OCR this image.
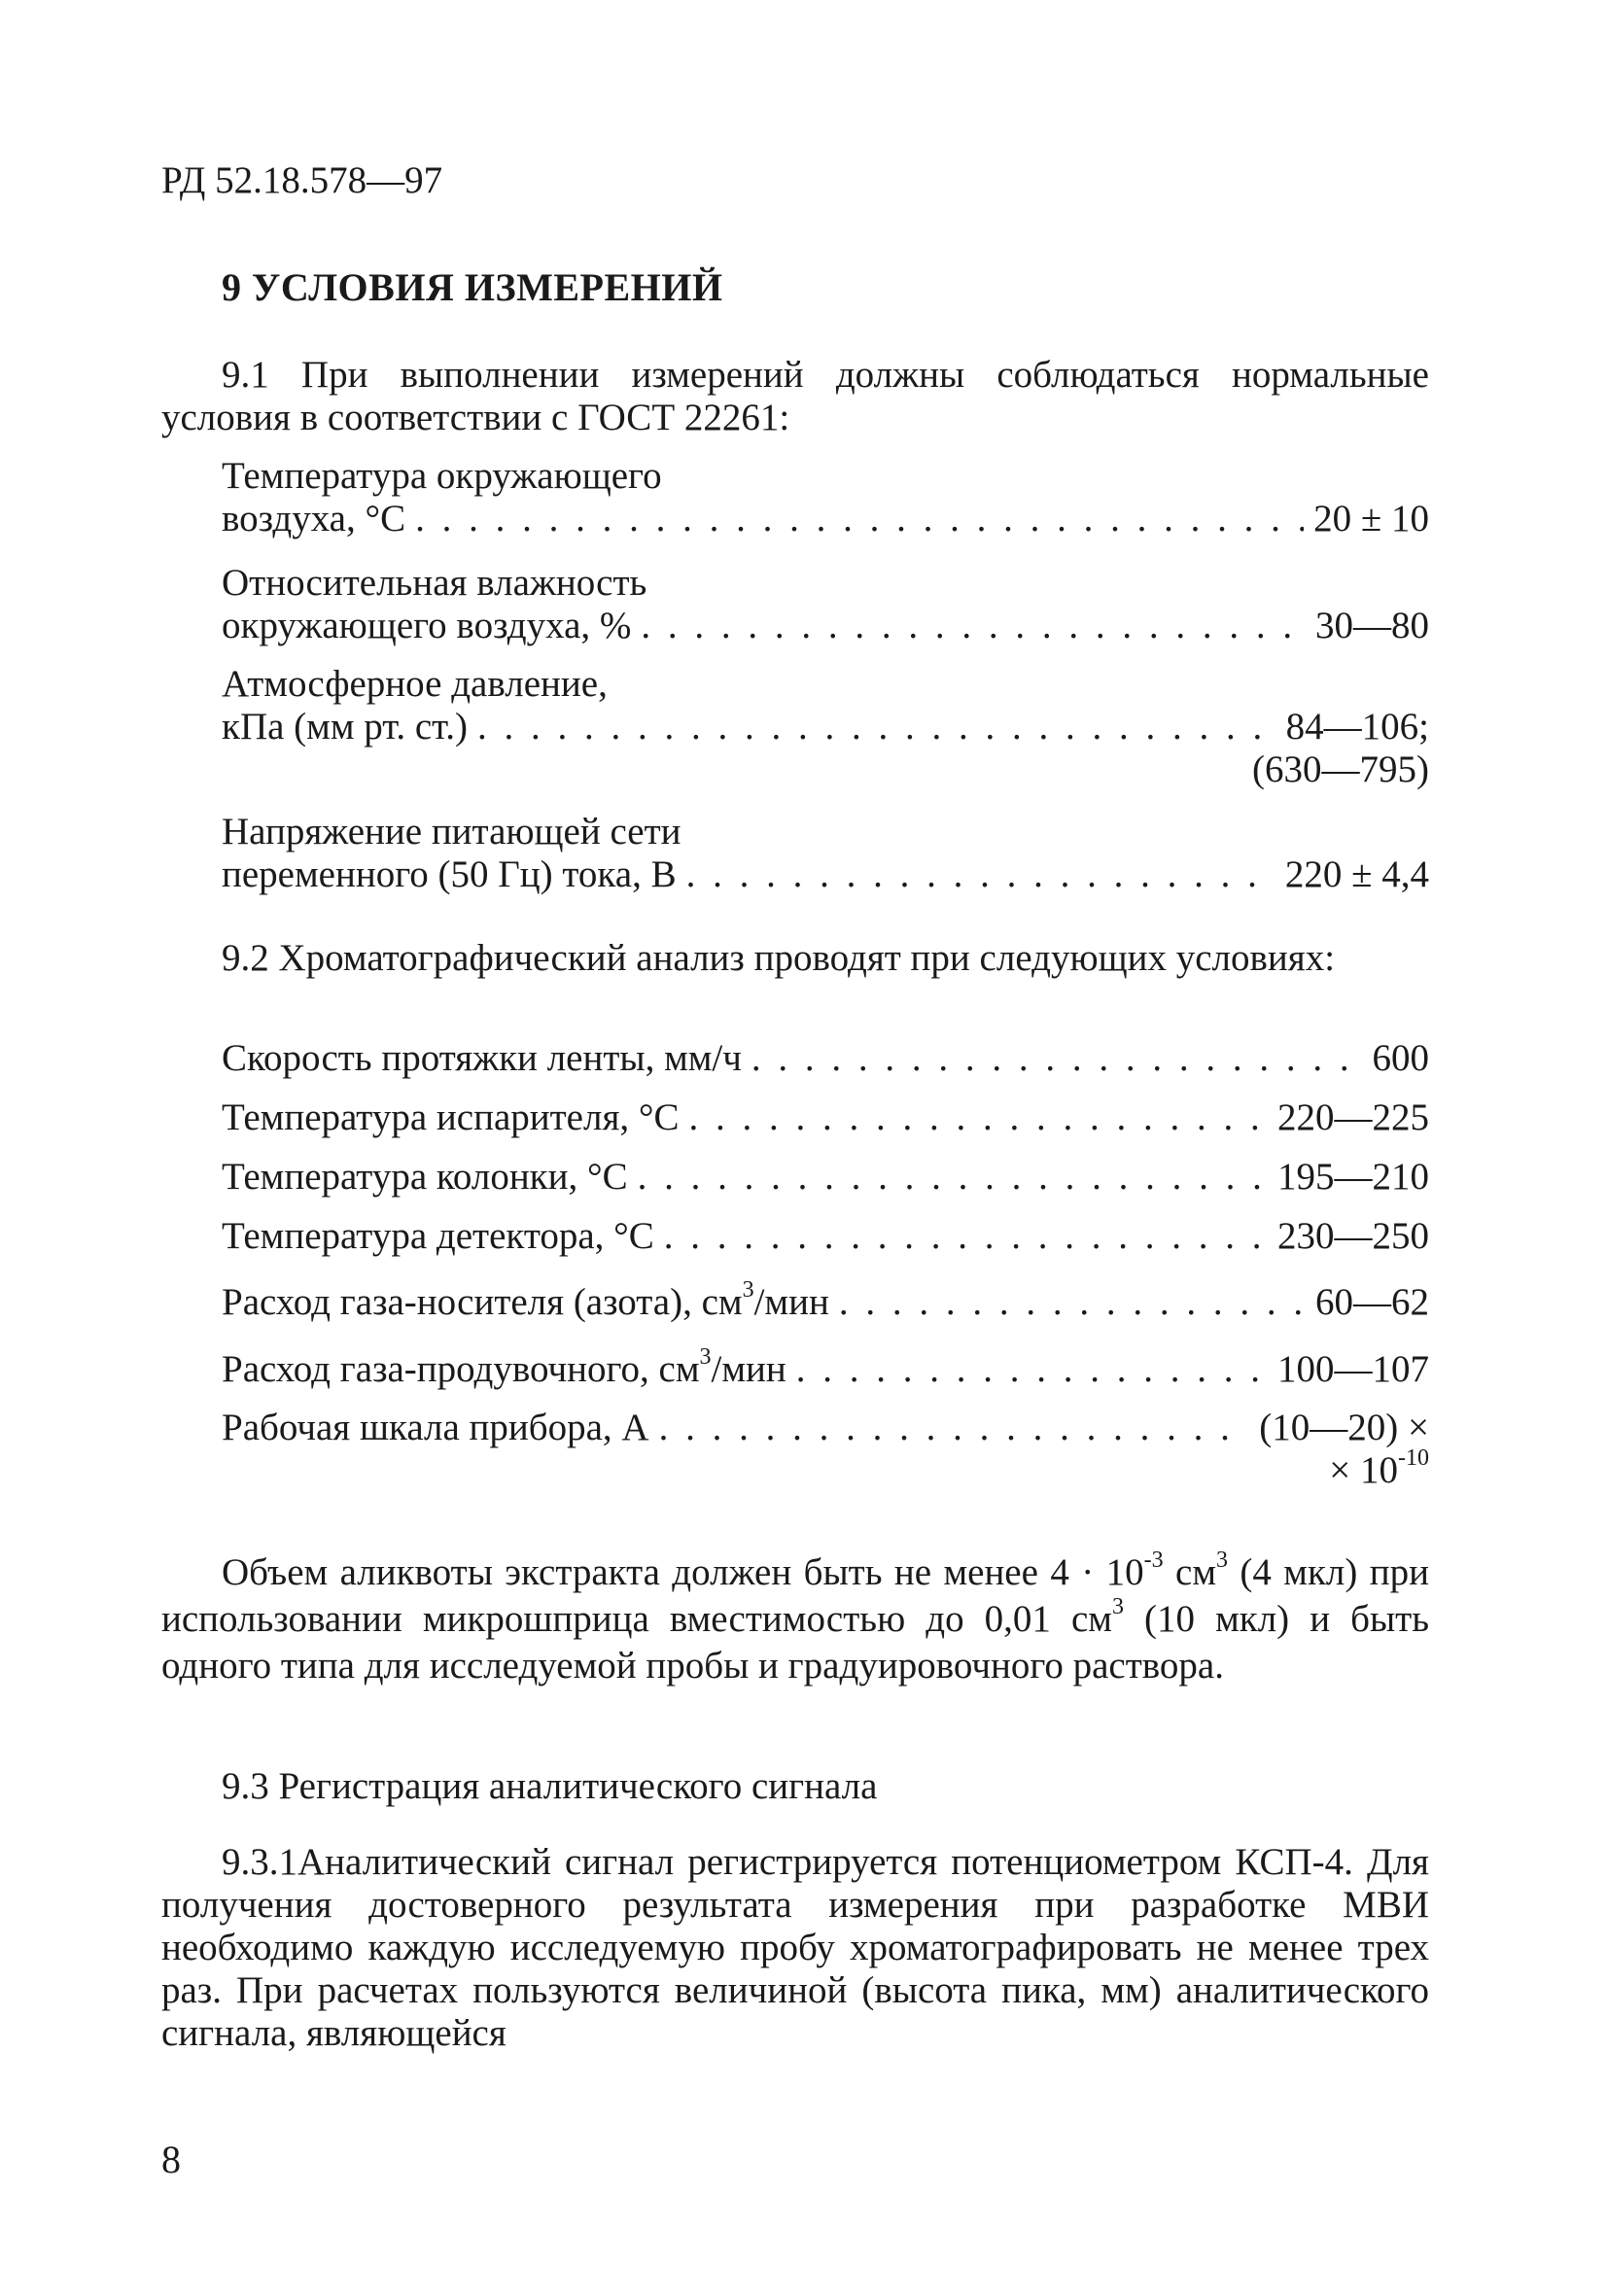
РД 52.18.578—97
9 УСЛОВИЯ ИЗМЕРЕНИЙ
9.1 При выполнении измерений должны соблюдаться нормальные условия в соответствии с ГОСТ 22261:
Температура окружающего
воздуха, °С . . .	20 ± 10
Относительная влажность
окружающего воздуха, % . . .	30—80
Атмосферное давление,
кПа (мм рт. ст.) . . .	84—106;
(630—795)
Напряжение питающей сети
переменного (50 Гц) тока, В . . .	220 ± 4,4
9.2 Хроматографический анализ проводят при следующих условиях:
Скорость протяжки ленты, мм/ч . . .	600
Температура испарителя, °С . . .	220—225
Температура колонки, °С . . .	195—210
Температура детектора, °С . . .	230—250
Расход газа-носителя (азота), $см^3$/мин . . .	60—62
Расход газа-продувочного, $см^3$/мин . . .	100—107
Рабочая шкала прибора, А . . .	(10—20) ×
× $10^{-10}$
Объем аликвоты экстракта должен быть не менее $4 \cdot 10^{-3}$ $см^3$ (4 мкл) при использовании микрошприца вместимостью до 0,01 $см^3$ (10 мкл) и быть одного типа для исследуемой пробы и градуировочного раствора.
9.3 Регистрация аналитического сигнала
9.3.1Аналитический сигнал регистрируется потенциометром КСП-4. Для получения достоверного результата измерения при разработке МВИ необходимо каждую исследуемую пробу хроматографировать не менее трех раз. При расчетах пользуются величиной (высота пика, мм) аналитического сигнала, являющейся
8
